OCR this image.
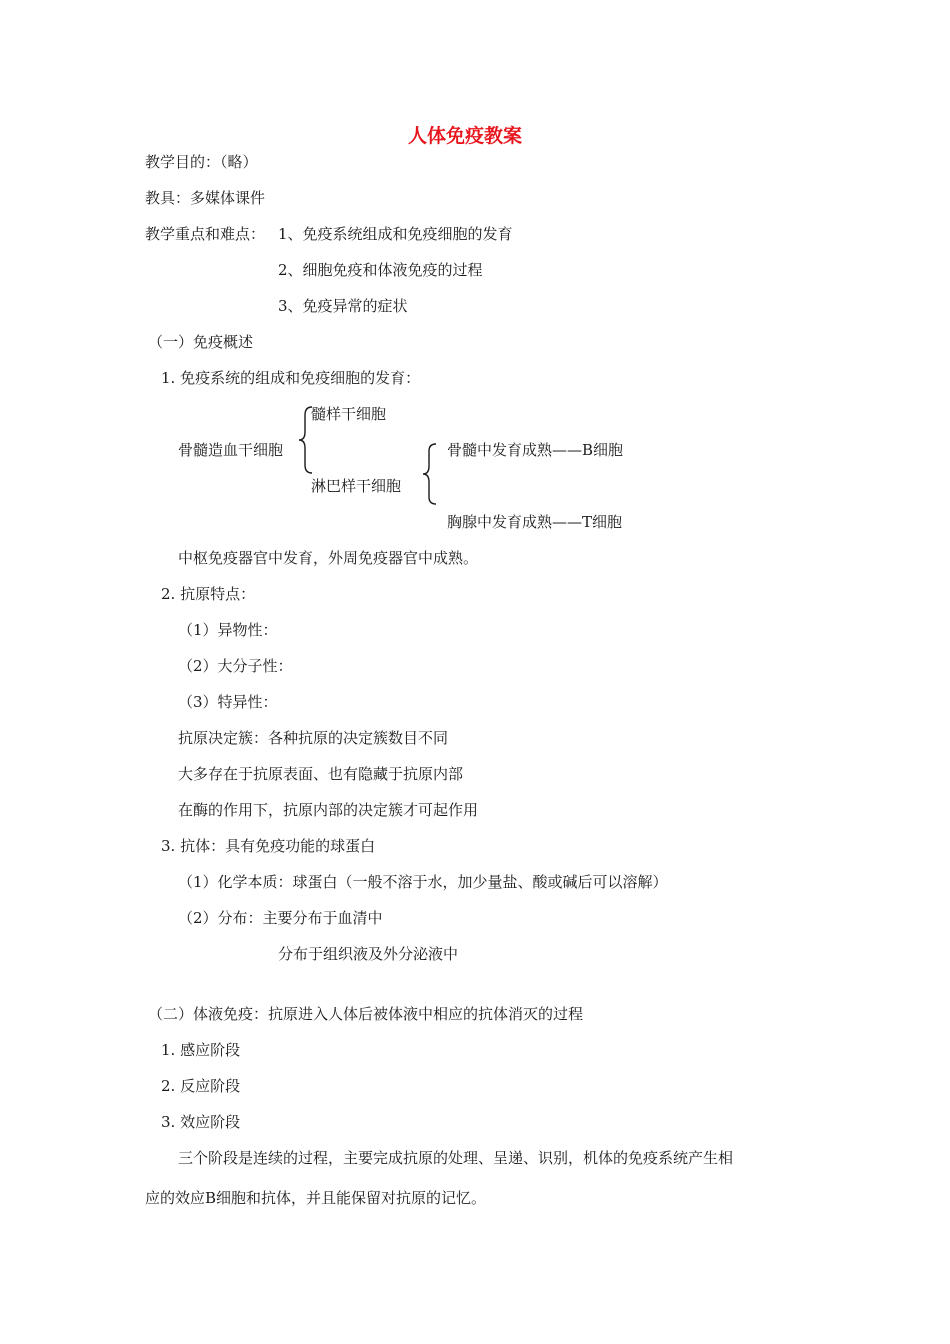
人体免疫教案
教学目的：（略）
教具：多媒体课件
教学重点和难点： 1、免疫系统组成和免疫细胞的发育
2、细胞免疫和体液免疫的过程
3、免疫异常的症状
（一）免疫概述
1. 免疫系统的组成和免疫细胞的发育：
髓样干细胞
骨髓造血干细胞	骨髓中发育成熟——B细胞
淋巴样干细胞
胸腺中发育成熟——T细胞
中枢免疫器官中发育，外周免疫器官中成熟。
2. 抗原特点：
（1）异物性：
（2）大分子性：
（3）特异性：
抗原决定簇：各种抗原的决定簇数目不同
大多存在于抗原表面、也有隐藏于抗原内部
在酶的作用下，抗原内部的决定簇才可起作用
3. 抗体：具有免疫功能的球蛋白
（1）化学本质：球蛋白（一般不溶于水，加少量盐、酸或碱后可以溶解）
（2）分布：主要分布于血清中
分布于组织液及外分泌液中
（二）体液免疫：抗原进入人体后被体液中相应的抗体消灭的过程
1. 感应阶段
2. 反应阶段
3. 效应阶段
三个阶段是连续的过程，主要完成抗原的处理、呈递、识别，机体的免疫系统产生相
应的效应B细胞和抗体，并且能保留对抗原的记忆。
